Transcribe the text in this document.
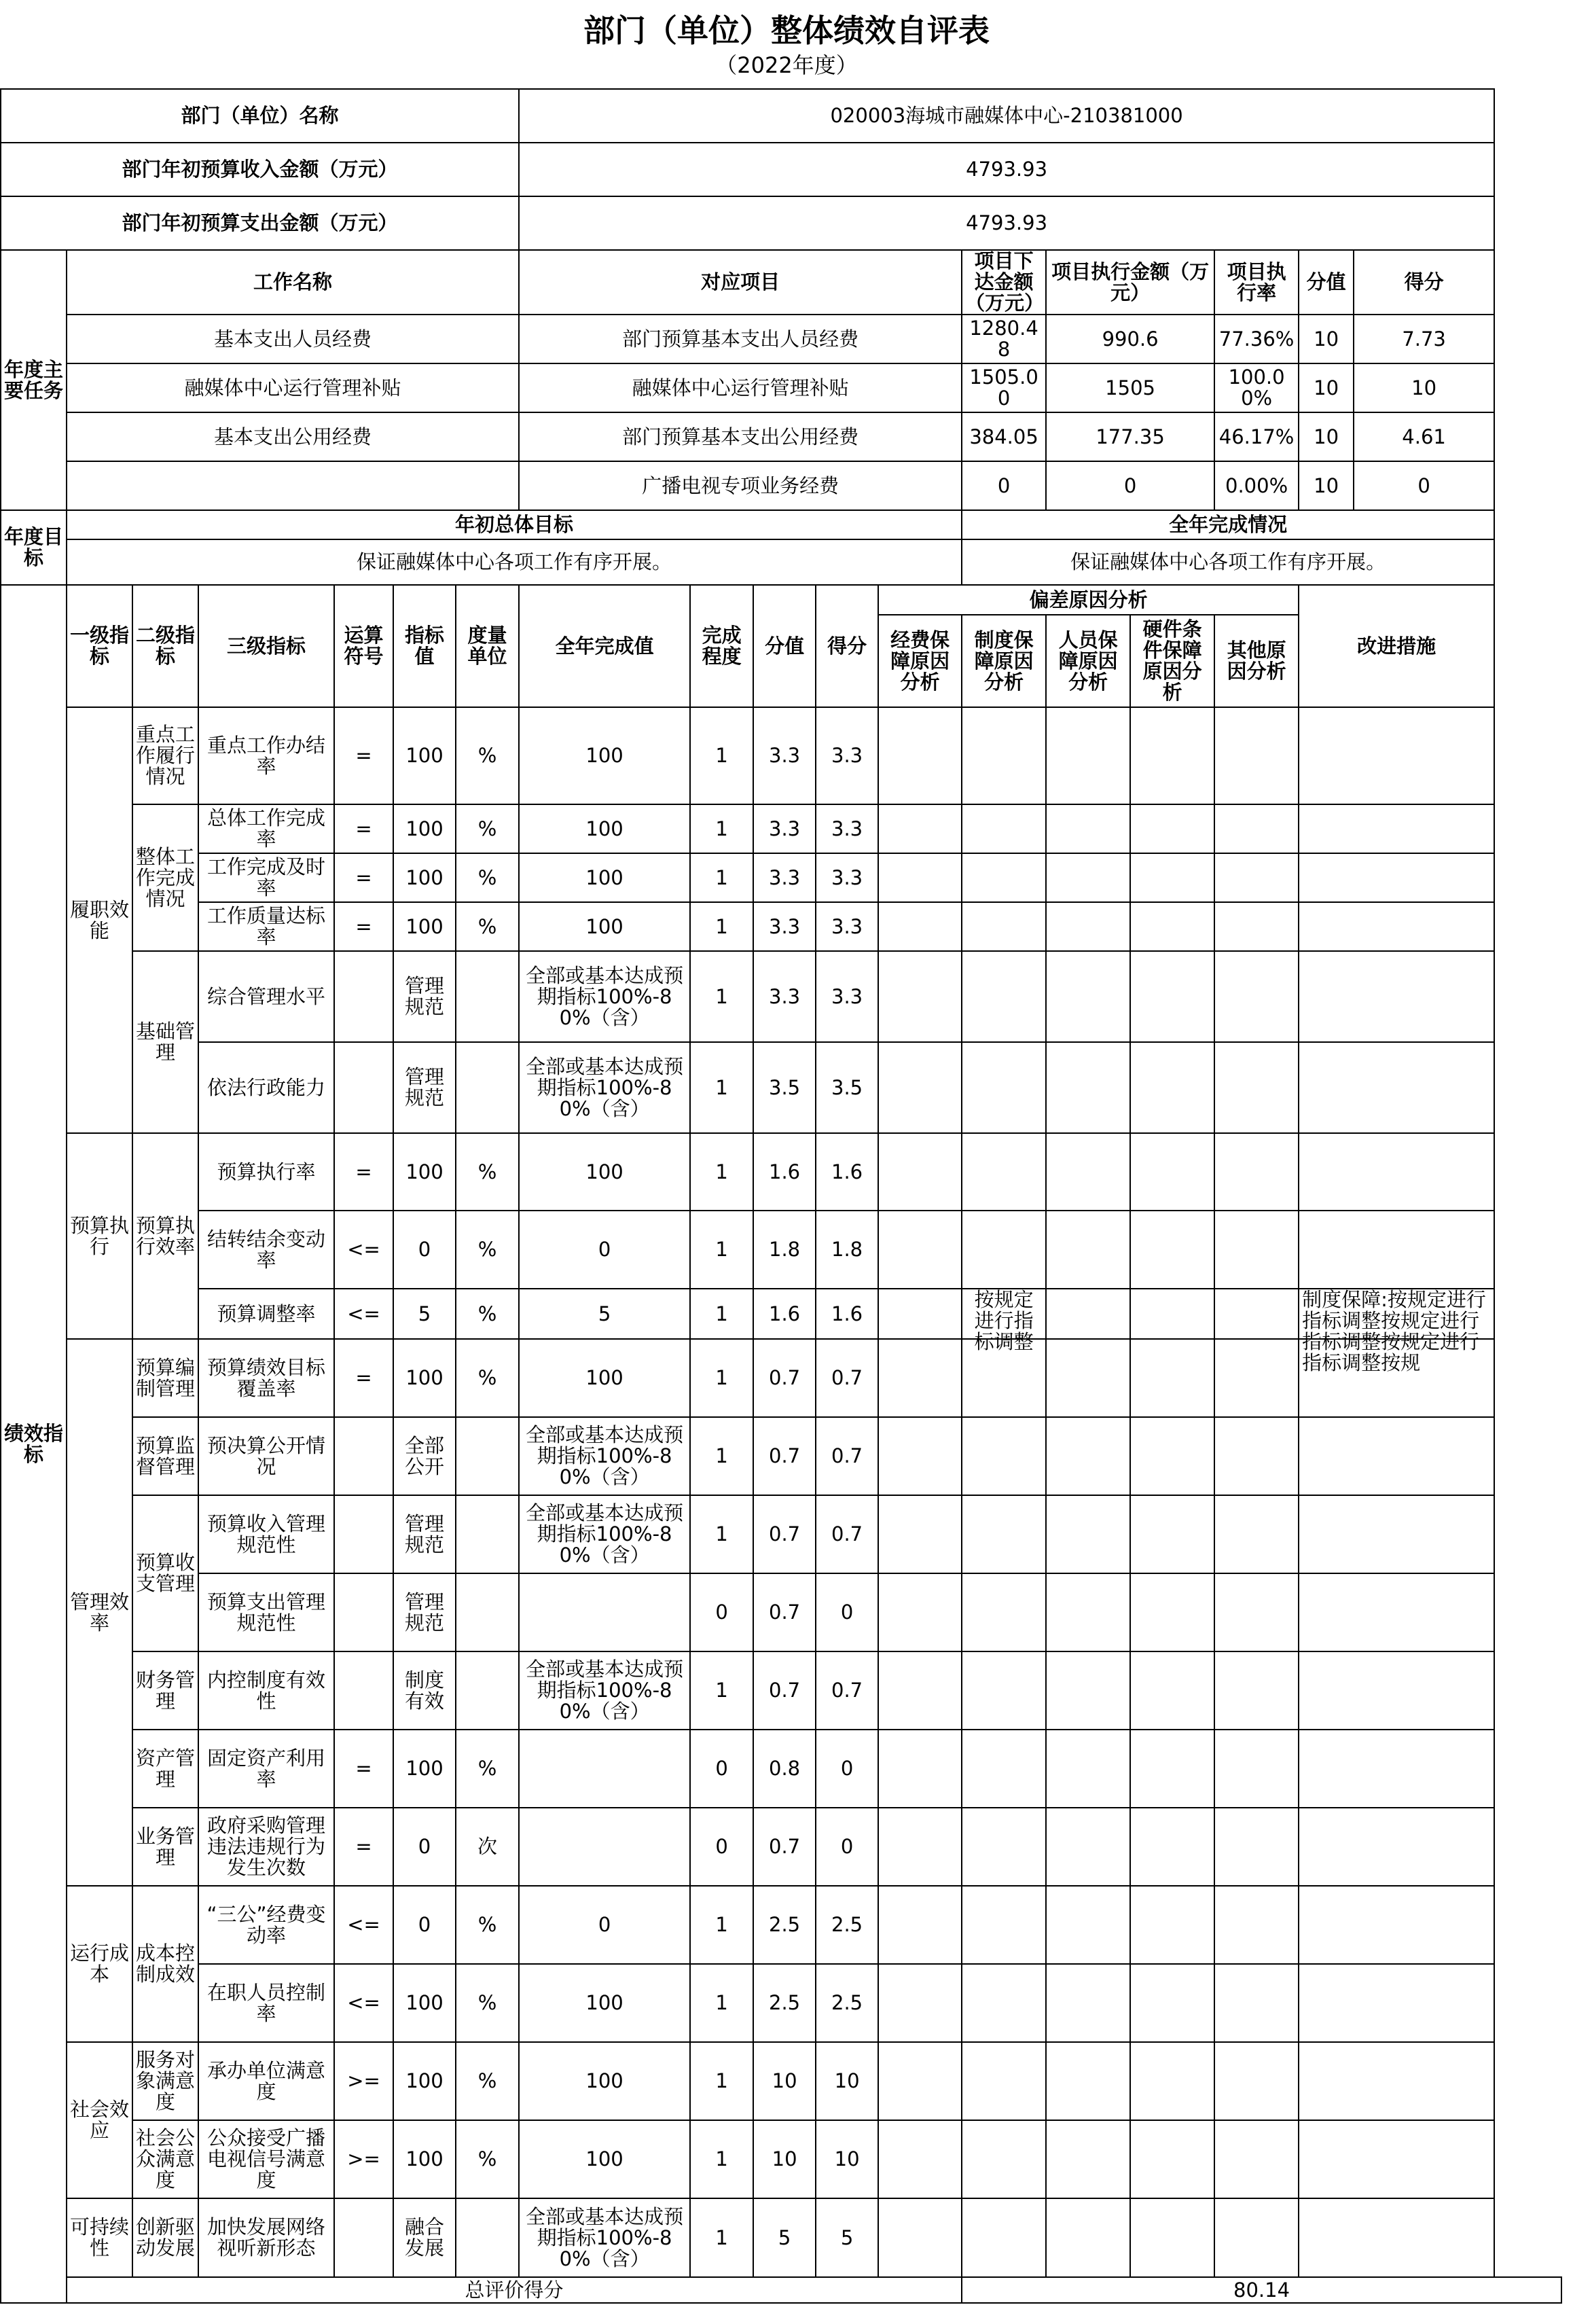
部门（单位）整体绩效自评表
（2022年度）
部门（单位）名称							020003海城市融媒体中心-210381000										
部门年初预算收入金额（万元）							4793.93										
部门年初预算支出金额（万元）							4793.93										
年度主要任务	工作名称						对应项目					项目下达金额（万元）	项目执行金额（万元）		项目执行率	分值	得分
	基本支出人员经费						部门预算基本支出人员经费					1280.48	990.6		77.36%	10	7.73
	融媒体中心运行管理补贴						融媒体中心运行管理补贴					1505.00	1505		100.00%	10	10
	基本支出公用经费						部门预算基本支出公用经费					384.05	177.35		46.17%	10	4.61
							广播电视专项业务经费					0	0		0.00%	10	0
年度目标	年初总体目标											全年完成情况					
	保证融媒体中心各项工作有序开展。											保证融媒体中心各项工作有序开展。					
绩效指标	一级指标	二级指标	三级指标	运算符号	指标值	度量单位	全年完成值	完成程度	分值	得分	偏差原因分析					改进措施	
											经费保障原因分析	制度保障原因分析	人员保障原因分析	硬件条件保障原因分析	其他原因分析		
	履职效能	重点工作履行情况	重点工作办结率	=	100	%	100	1	3.3	3.3							
		整体工作完成情况	总体工作完成率	=	100	%	100	1	3.3	3.3							
			工作完成及时率	=	100	%	100	1	3.3	3.3							
			工作质量达标率	=	100	%	100	1	3.3	3.3							
		基础管理	综合管理水平		管理规范		全部或基本达成预期指标100%-80%（含）	1	3.3	3.3							
			依法行政能力		管理规范		全部或基本达成预期指标100%-80%（含）	1	3.5	3.5							
	预算执行	预算执行效率	预算执行率	=	100	%	100	1	1.6	1.6							
			结转结余变动率	<=	0	%	0	1	1.8	1.8							
			预算调整率	<=	5	%	5	1	1.6	1.6		按规定进行指标调整				制度保障:按规定进行指标调整按规定进行指标调整按规定进行指标调整按规	

	管理效率	预算编制管理	预算绩效目标覆盖率	=	100	%	100	1	0.7	0.7							
		预算监督管理	预决算公开情况		全部公开		全部或基本达成预期指标100%-80%（含）	1	0.7	0.7							
		预算收支管理	预算收入管理规范性		管理规范		全部或基本达成预期指标100%-80%（含）	1	0.7	0.7							
			预算支出管理规范性		管理规范			0	0.7	0							
		财务管理	内控制度有效性		制度有效		全部或基本达成预期指标100%-80%（含）	1	0.7	0.7							
		资产管理	固定资产利用率	=	100	%		0	0.8	0							
		业务管理	政府采购管理违法违规行为发生次数	=	0	次		0	0.7	0							
	运行成本	成本控制成效	“三公”经费变动率	<=	0	%	0	1	2.5	2.5							
			在职人员控制率	<=	100	%	100	1	2.5	2.5							
	社会效应	服务对象满意度	承办单位满意度	>=	100	%	100	1	10	10							
		社会公众满意度	公众接受广播电视信号满意度	>=	100	%	100	1	10	10							
	可持续性	创新驱动发展	加快发展网络视听新形态		融合发展		全部或基本达成预期指标100%-80%（含）	1	5	5							
	总评价得分											80.14					
